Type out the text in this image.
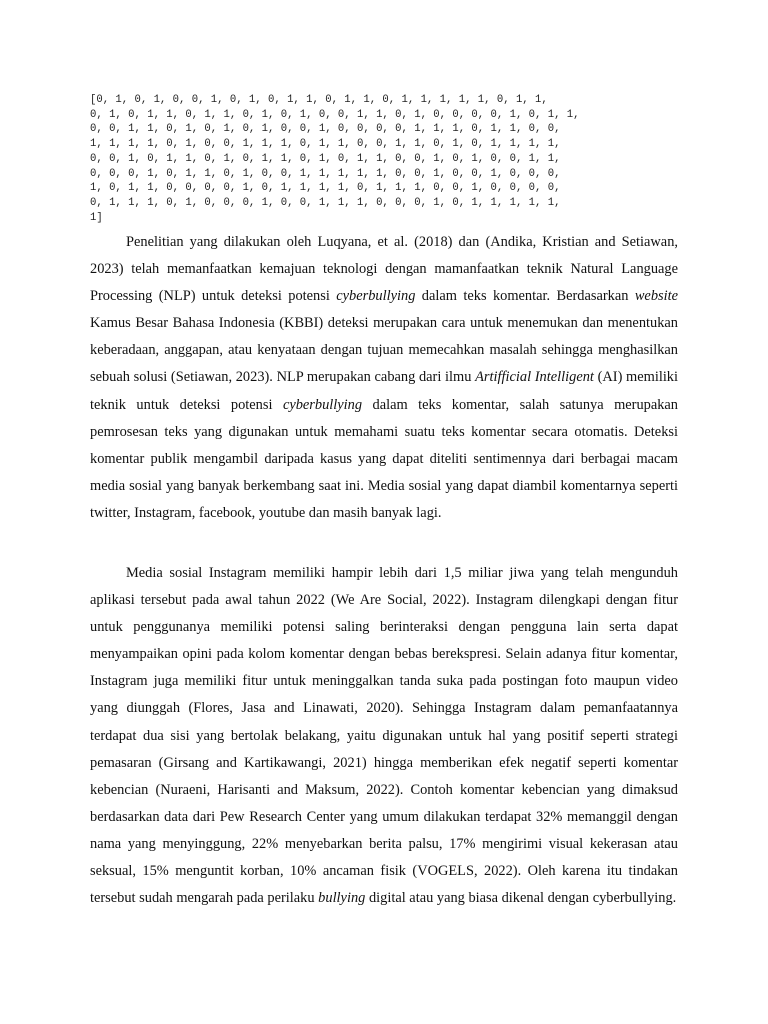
[0, 1, 0, 1, 0, 0, 1, 0, 1, 0, 1, 1, 0, 1, 1, 0, 1, 1, 1, 1, 1, 0, 1, 1,
0, 1, 0, 1, 1, 0, 1, 1, 0, 1, 0, 1, 0, 0, 1, 1, 0, 1, 0, 0, 0, 0, 1, 0, 1, 1,
0, 0, 1, 1, 0, 1, 0, 1, 0, 1, 0, 0, 1, 0, 0, 0, 0, 1, 1, 1, 0, 1, 1, 0, 0,
1, 1, 1, 1, 0, 1, 0, 0, 1, 1, 1, 0, 1, 1, 0, 0, 1, 1, 0, 1, 0, 1, 1, 1, 1,
0, 0, 1, 0, 1, 1, 0, 1, 0, 1, 1, 0, 1, 0, 1, 1, 0, 0, 1, 0, 1, 0, 0, 1, 1,
0, 0, 0, 1, 0, 1, 1, 0, 1, 0, 0, 1, 1, 1, 1, 1, 0, 0, 1, 0, 0, 1, 0, 0, 0,
1, 0, 1, 1, 0, 0, 0, 0, 1, 0, 1, 1, 1, 1, 0, 1, 1, 1, 0, 0, 1, 0, 0, 0, 0,
0, 1, 1, 1, 0, 1, 0, 0, 0, 1, 0, 0, 1, 1, 1, 0, 0, 0, 1, 0, 1, 1, 1, 1, 1,
1]

Penelitian yang dilakukan oleh Luqyana, et al. (2018) dan (Andika, Kristian and Setiawan, 2023) telah memanfaatkan kemajuan teknologi dengan mamanfaatkan teknik Natural Language Processing (NLP) untuk deteksi potensi cyberbullying dalam teks komentar. Berdasarkan website Kamus Besar Bahasa Indonesia (KBBI) deteksi merupakan cara untuk menemukan dan menentukan keberadaan, anggapan, atau kenyataan dengan tujuan memecahkan masalah sehingga menghasilkan sebuah solusi (Setiawan, 2023). NLP merupakan cabang dari ilmu Artifficial Intelligent (AI) memiliki teknik untuk deteksi potensi cyberbullying dalam teks komentar, salah satunya merupakan pemrosesan teks yang digunakan untuk memahami suatu teks komentar secara otomatis. Deteksi komentar publik mengambil daripada kasus yang dapat diteliti sentimennya dari berbagai macam media sosial yang banyak berkembang saat ini. Media sosial yang dapat diambil komentarnya seperti twitter, Instagram, facebook, youtube dan masih banyak lagi.

Media sosial Instagram memiliki hampir lebih dari 1,5 miliar jiwa yang telah mengunduh aplikasi tersebut pada awal tahun 2022 (We Are Social, 2022). Instagram dilengkapi dengan fitur untuk penggunanya memiliki potensi saling berinteraksi dengan pengguna lain serta dapat menyampaikan opini pada kolom komentar dengan bebas berekspresi. Selain adanya fitur komentar, Instagram juga memiliki fitur untuk meninggalkan tanda suka pada postingan foto maupun video yang diunggah (Flores, Jasa and Linawati, 2020). Sehingga Instagram dalam pemanfaatannya terdapat dua sisi yang bertolak belakang, yaitu digunakan untuk hal yang positif seperti strategi pemasaran (Girsang and Kartikawangi, 2021) hingga memberikan efek negatif seperti komentar kebencian (Nuraeni, Harisanti and Maksum, 2022). Contoh komentar kebencian yang dimaksud berdasarkan data dari Pew Research Center yang umum dilakukan terdapat 32% memanggil dengan nama yang menyinggung, 22% menyebarkan berita palsu, 17% mengirimi visual kekerasan atau seksual, 15% menguntit korban, 10% ancaman fisik (VOGELS, 2022). Oleh karena itu tindakan tersebut sudah mengarah pada perilaku bullying digital atau yang biasa dikenal dengan cyberbullying.
